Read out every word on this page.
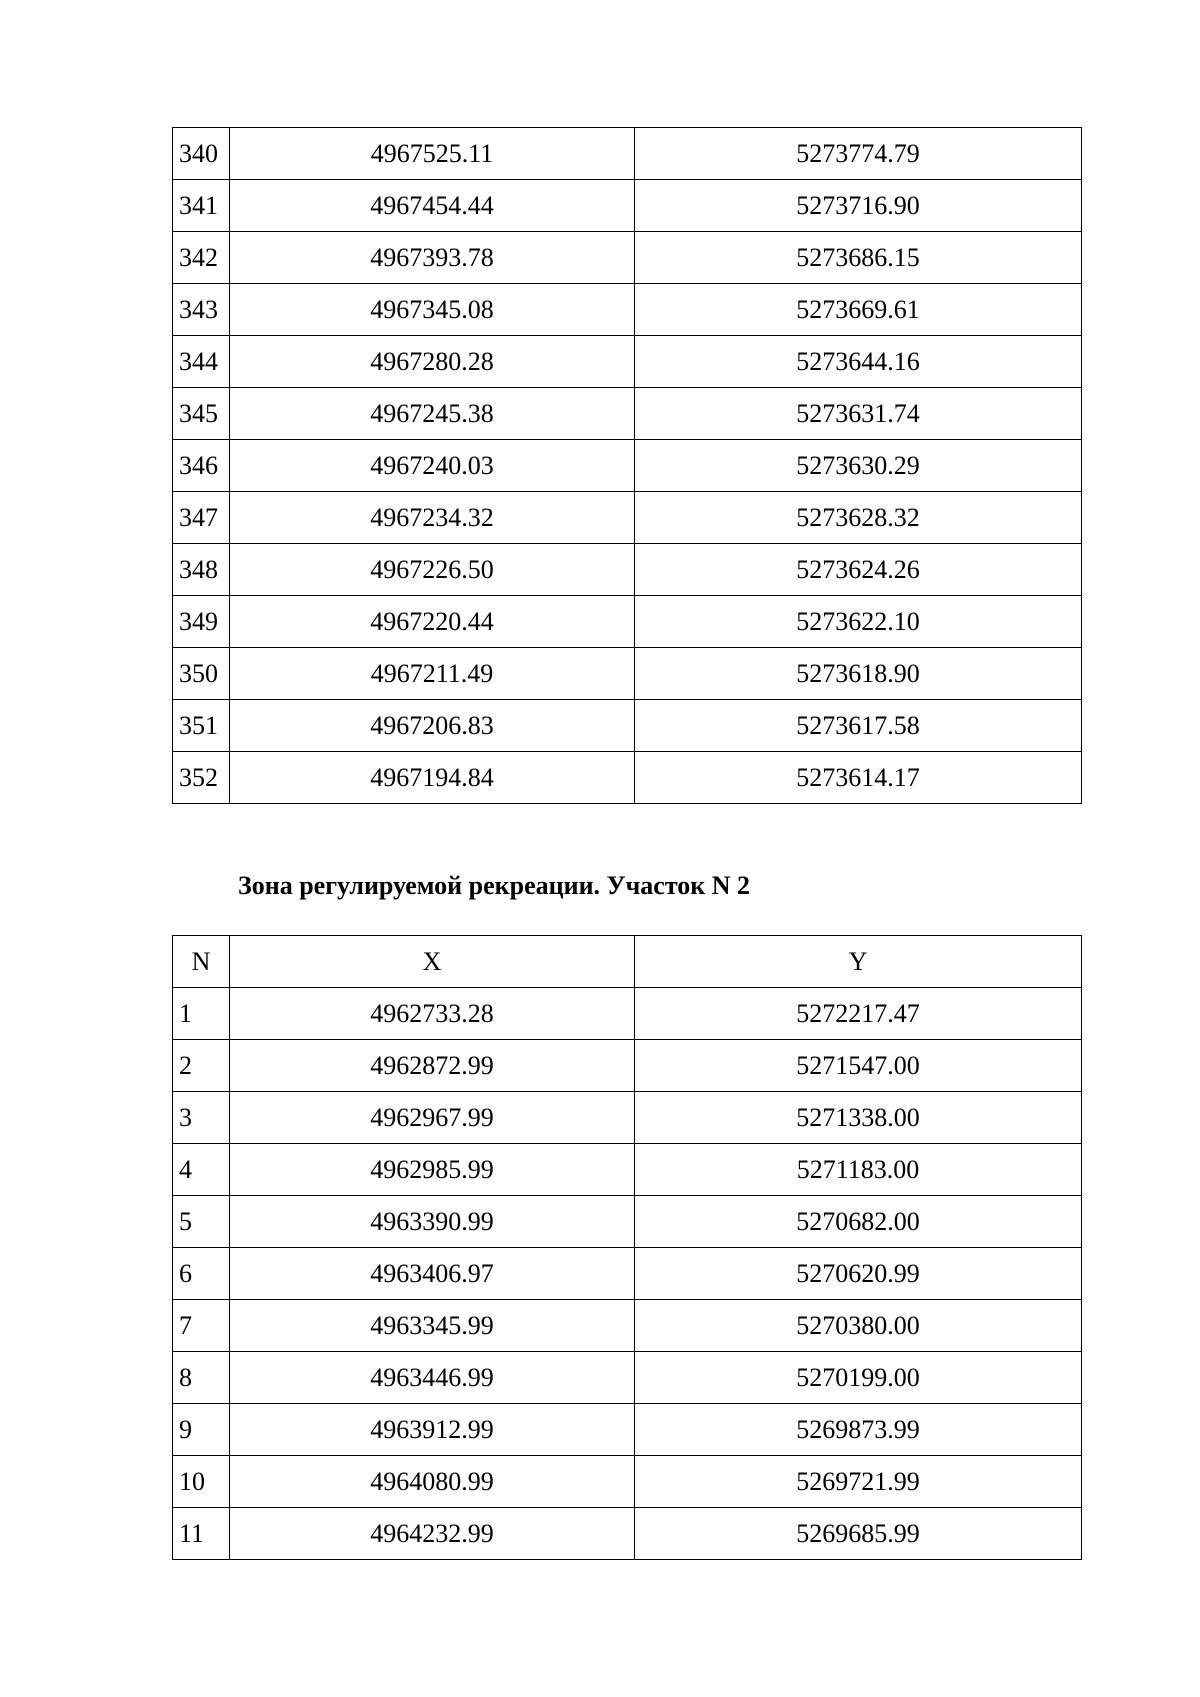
340	4967525.11	5273774.79
341	4967454.44	5273716.90
342	4967393.78	5273686.15
343	4967345.08	5273669.61
344	4967280.28	5273644.16
345	4967245.38	5273631.74
346	4967240.03	5273630.29
347	4967234.32	5273628.32
348	4967226.50	5273624.26
349	4967220.44	5273622.10
350	4967211.49	5273618.90
351	4967206.83	5273617.58
352	4967194.84	5273614.17
Зона регулируемой рекреации. Участок N 2
N	X	Y
1	4962733.28	5272217.47
2	4962872.99	5271547.00
3	4962967.99	5271338.00
4	4962985.99	5271183.00
5	4963390.99	5270682.00
6	4963406.97	5270620.99
7	4963345.99	5270380.00
8	4963446.99	5270199.00
9	4963912.99	5269873.99
10	4964080.99	5269721.99
11	4964232.99	5269685.99
